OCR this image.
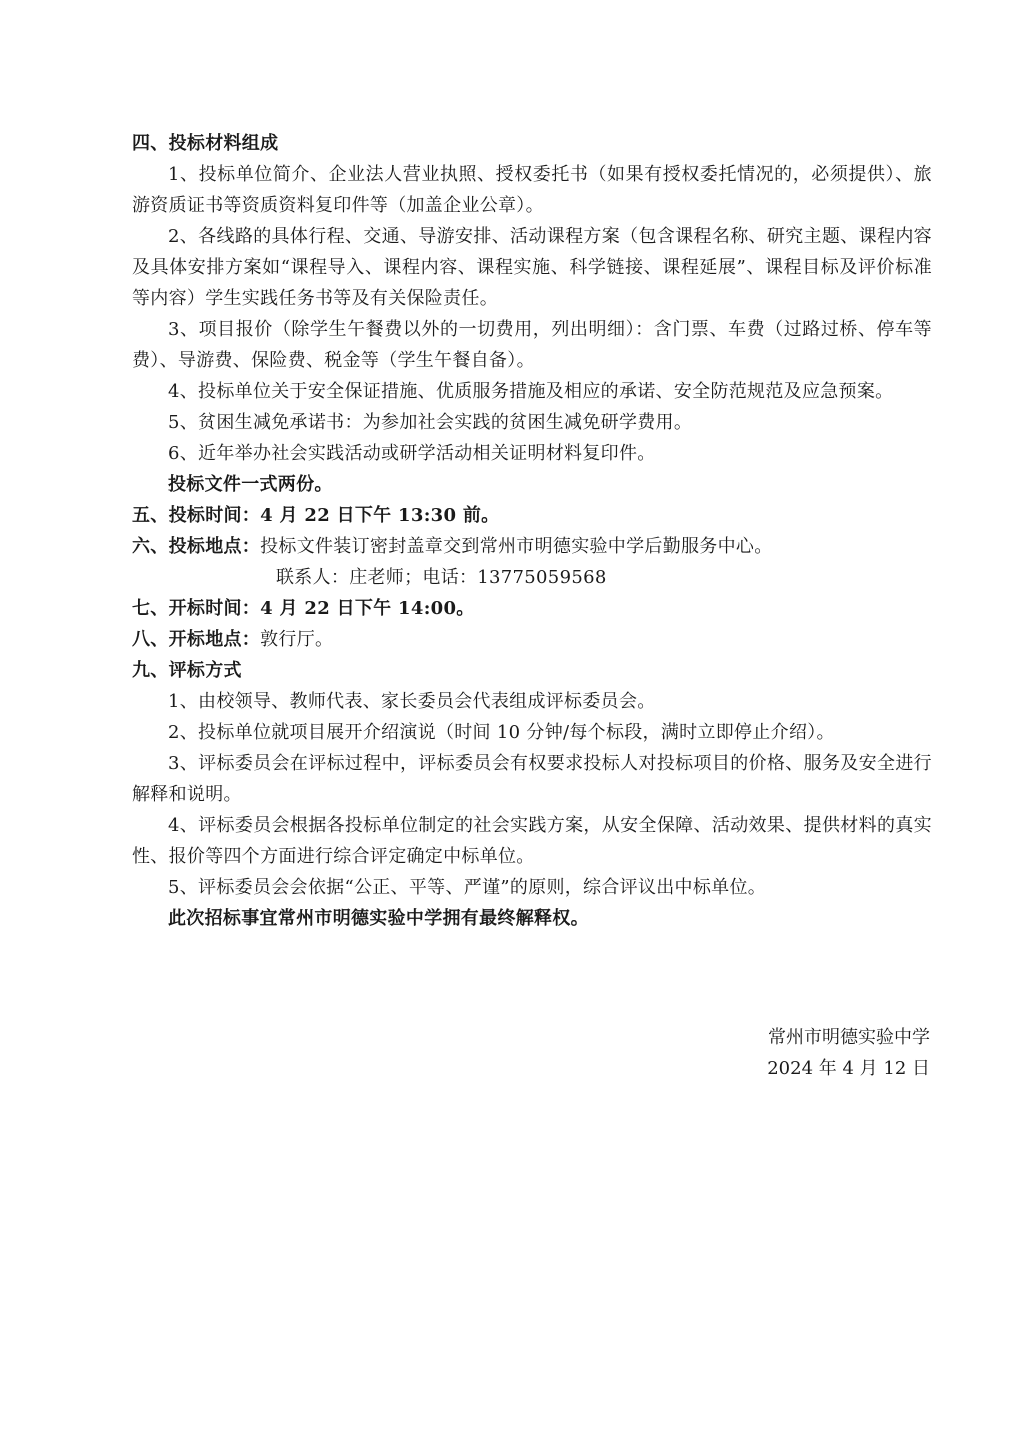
四、投标材料组成
1、投标单位简介、企业法人营业执照、授权委托书（如果有授权委托情况的，必须提供）、旅游资质证书等资质资料复印件等（加盖企业公章）。
2、各线路的具体行程、交通、导游安排、活动课程方案（包含课程名称、研究主题、课程内容及具体安排方案如“课程导入、课程内容、课程实施、科学链接、课程延展”、课程目标及评价标准等内容）学生实践任务书等及有关保险责任。
3、项目报价（除学生午餐费以外的一切费用，列出明细）：含门票、车费（过路过桥、停车等费）、导游费、保险费、税金等（学生午餐自备）。
4、投标单位关于安全保证措施、优质服务措施及相应的承诺、安全防范规范及应急预案。
5、贫困生减免承诺书：为参加社会实践的贫困生减免研学费用。
6、近年举办社会实践活动或研学活动相关证明材料复印件。
投标文件一式两份。
五、投标时间：4 月 22 日下午 13:30 前。
六、投标地点：投标文件装订密封盖章交到常州市明德实验中学后勤服务中心。
联系人：庄老师；电话：13775059568
七、开标时间：4 月 22 日下午 14:00。
八、开标地点：敦行厅。
九、评标方式
1、由校领导、教师代表、家长委员会代表组成评标委员会。
2、投标单位就项目展开介绍演说（时间 10 分钟/每个标段，满时立即停止介绍）。
3、评标委员会在评标过程中，评标委员会有权要求投标人对投标项目的价格、服务及安全进行解释和说明。
4、评标委员会根据各投标单位制定的社会实践方案，从安全保障、活动效果、提供材料的真实性、报价等四个方面进行综合评定确定中标单位。
5、评标委员会会依据“公正、平等、严谨”的原则，综合评议出中标单位。
此次招标事宜常州市明德实验中学拥有最终解释权。
常州市明德实验中学
2024 年 4 月 12 日
